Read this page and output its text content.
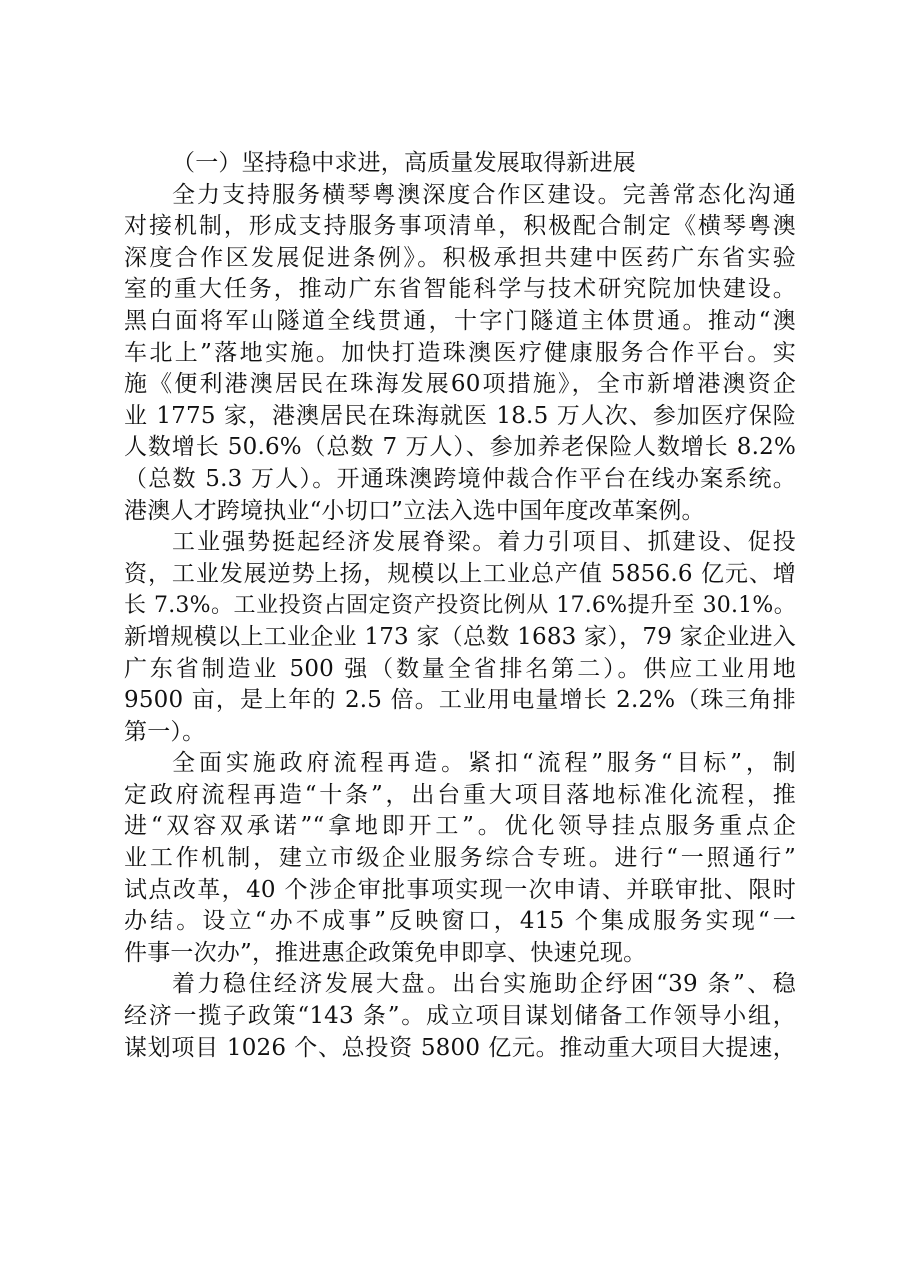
（一）坚持稳中求进，高质量发展取得新进展
全力支持服务横琴粤澳深度合作区建设。完善常态化沟通
对接机制，形成支持服务事项清单，积极配合制定《横琴粤澳
深度合作区发展促进条例》。积极承担共建中医药广东省实验
室的重大任务，推动广东省智能科学与技术研究院加快建设。
黑白面将军山隧道全线贯通，十字门隧道主体贯通。推动“澳
车北上”落地实施。加快打造珠澳医疗健康服务合作平台。实
施《便利港澳居民在珠海发展60项措施》，全市新增港澳资企
业 1775 家，港澳居民在珠海就医 18.5 万人次、参加医疗保险
人数增长 50.6%（总数 7 万人）、参加养老保险人数增长 8.2%
（总数 5.3 万人）。开通珠澳跨境仲裁合作平台在线办案系统。
港澳人才跨境执业“小切口”立法入选中国年度改革案例。
工业强势挺起经济发展脊梁。着力引项目、抓建设、促投
资，工业发展逆势上扬，规模以上工业总产值 5856.6 亿元、增
长 7.3%。工业投资占固定资产投资比例从 17.6%提升至 30.1%。
新增规模以上工业企业 173 家（总数 1683 家），79 家企业进入
广东省制造业 500 强（数量全省排名第二）。供应工业用地
9500 亩，是上年的 2.5 倍。工业用电量增长 2.2%（珠三角排
第一）。
全面实施政府流程再造。紧扣“流程”服务“目标”，制
定政府流程再造“十条”，出台重大项目落地标准化流程，推
进“双容双承诺”“拿地即开工”。优化领导挂点服务重点企
业工作机制，建立市级企业服务综合专班。进行“一照通行”
试点改革，40 个涉企审批事项实现一次申请、并联审批、限时
办结。设立“办不成事”反映窗口，415 个集成服务实现“一
件事一次办”，推进惠企政策免申即享、快速兑现。
着力稳住经济发展大盘。出台实施助企纾困“39 条”、稳
经济一揽子政策“143 条”。成立项目谋划储备工作领导小组，
谋划项目 1026 个、总投资 5800 亿元。推动重大项目大提速，
